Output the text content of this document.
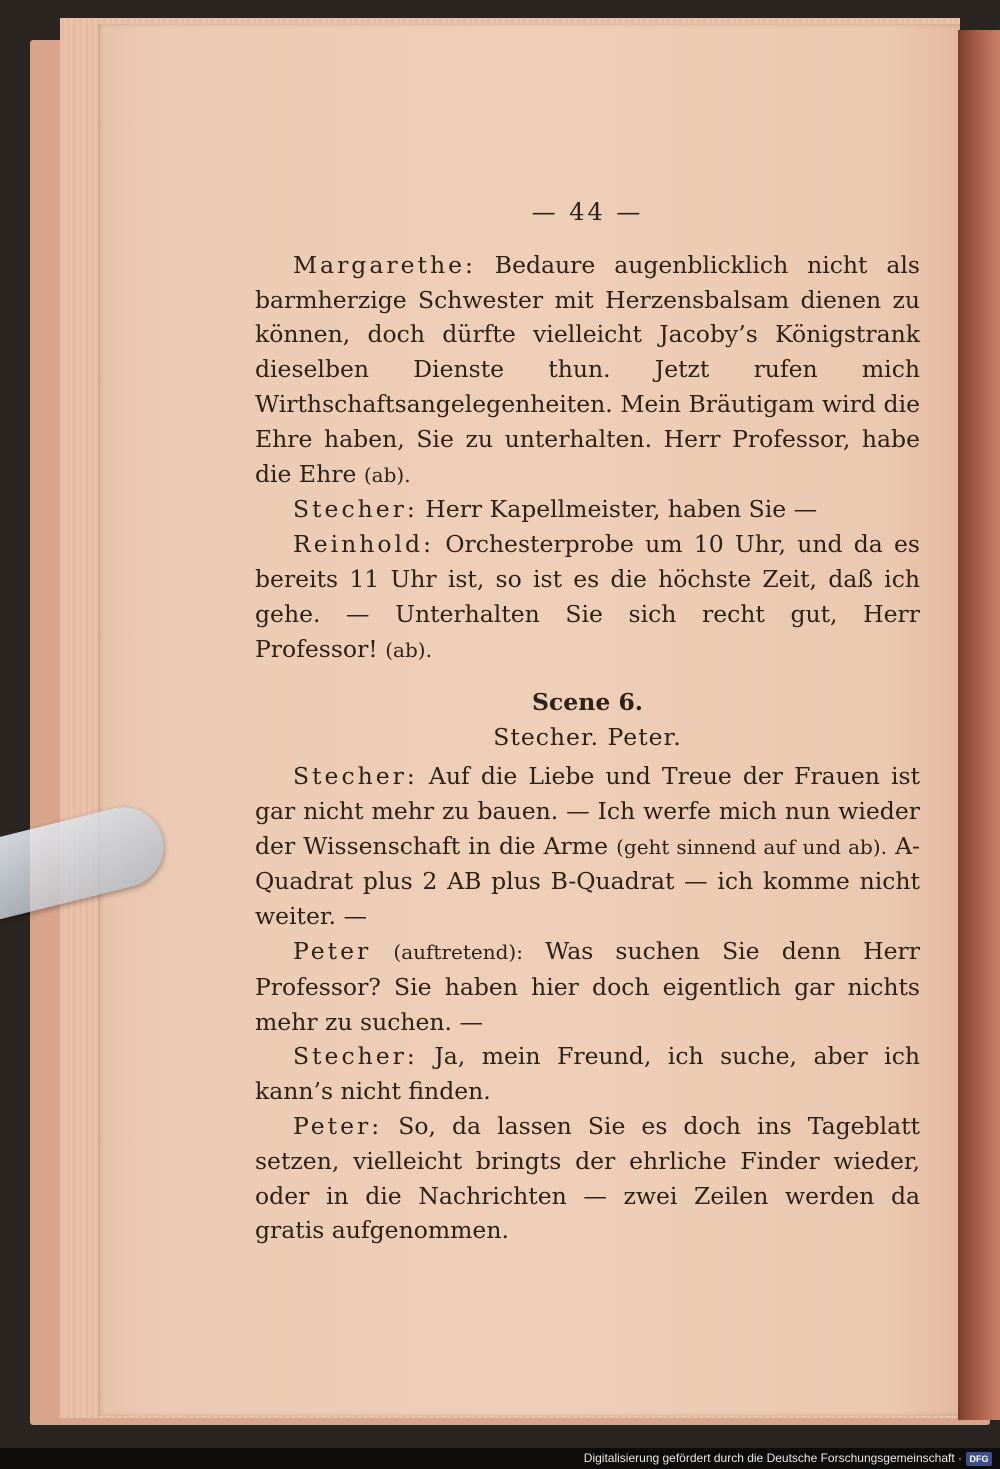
— 44 —

Margarethe: Bedaure augenblicklich nicht als barmherzige Schwester mit Herzensbalsam dienen zu können, doch dürfte vielleicht Jacoby’s Königstrank dieselben Dienste thun. Jetzt rufen mich Wirthschaftsangelegenheiten. Mein Bräutigam wird die Ehre haben, Sie zu unterhalten. Herr Professor, habe die Ehre (ab).

Stecher: Herr Kapellmeister, haben Sie —

Reinhold: Orchesterprobe um 10 Uhr, und da es bereits 11 Uhr ist, so ist es die höchste Zeit, daß ich gehe. — Unterhalten Sie sich recht gut, Herr Professor! (ab).

Scene 6.
Stecher. Peter.

Stecher: Auf die Liebe und Treue der Frauen ist gar nicht mehr zu bauen. — Ich werfe mich nun wieder der Wissenschaft in die Arme (geht sinnend auf und ab). A-Quadrat plus 2 AB plus B-Quadrat — ich komme nicht weiter. —

Peter (auftretend): Was suchen Sie denn Herr Professor? Sie haben hier doch eigentlich gar nichts mehr zu suchen. —

Stecher: Ja, mein Freund, ich suche, aber ich kann’s nicht finden.

Peter: So, da lassen Sie es doch ins Tageblatt setzen, vielleicht bringts der ehrliche Finder wieder, oder in die Nachrichten — zwei Zeilen werden da gratis aufgenommen.

Digitalisierung gefördert durch die Deutsche Forschungsgemeinschaft · DFG
